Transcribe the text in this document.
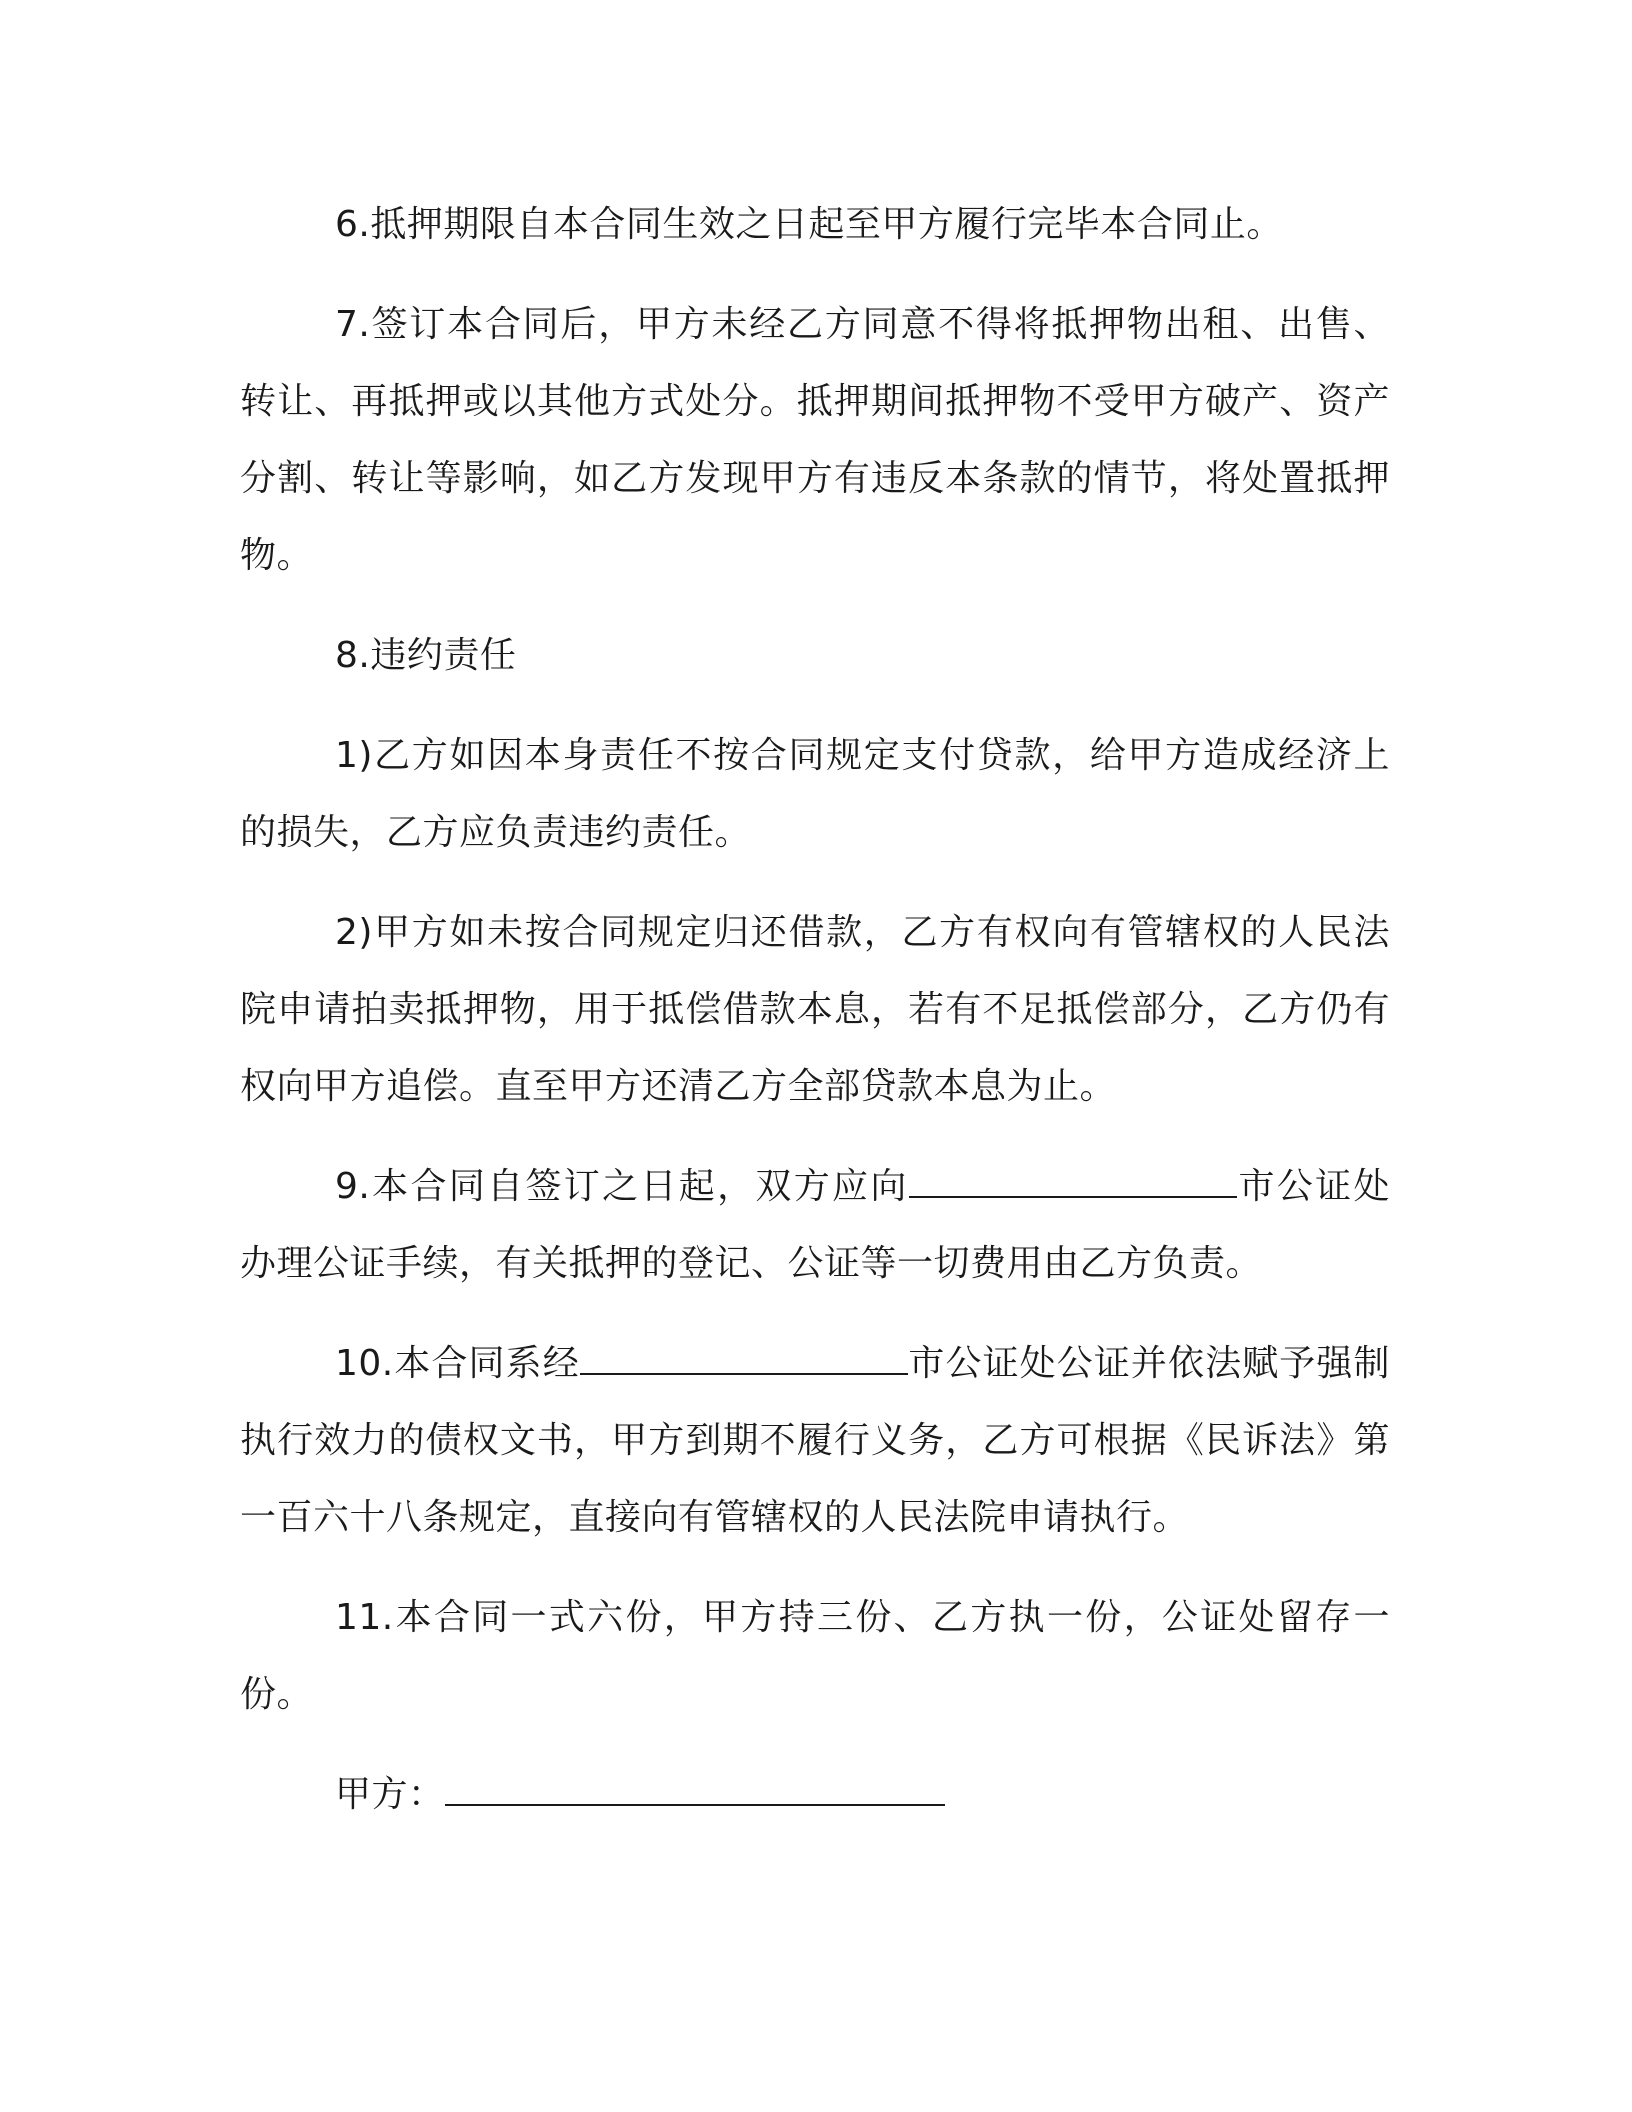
6.抵押期限自本合同生效之日起至甲方履行完毕本合同止。

7.签订本合同后，甲方未经乙方同意不得将抵押物出租、出售、转让、再抵押或以其他方式处分。抵押期间抵押物不受甲方破产、资产分割、转让等影响，如乙方发现甲方有违反本条款的情节，将处置抵押物。

8.违约责任

1)乙方如因本身责任不按合同规定支付贷款，给甲方造成经济上的损失，乙方应负责违约责任。

2)甲方如未按合同规定归还借款，乙方有权向有管辖权的人民法院申请拍卖抵押物，用于抵偿借款本息，若有不足抵偿部分，乙方仍有权向甲方追偿。直至甲方还清乙方全部贷款本息为止。

9.本合同自签订之日起，双方应向	市公证处办理公证手续，有关抵押的登记、公证等一切费用由乙方负责。

10.本合同系经	市公证处公证并依法赋予强制执行效力的债权文书，甲方到期不履行义务，乙方可根据《民诉法》第一百六十八条规定，直接向有管辖权的人民法院申请执行。

11.本合同一式六份，甲方持三份、乙方执一份，公证处留存一份。

甲方：
